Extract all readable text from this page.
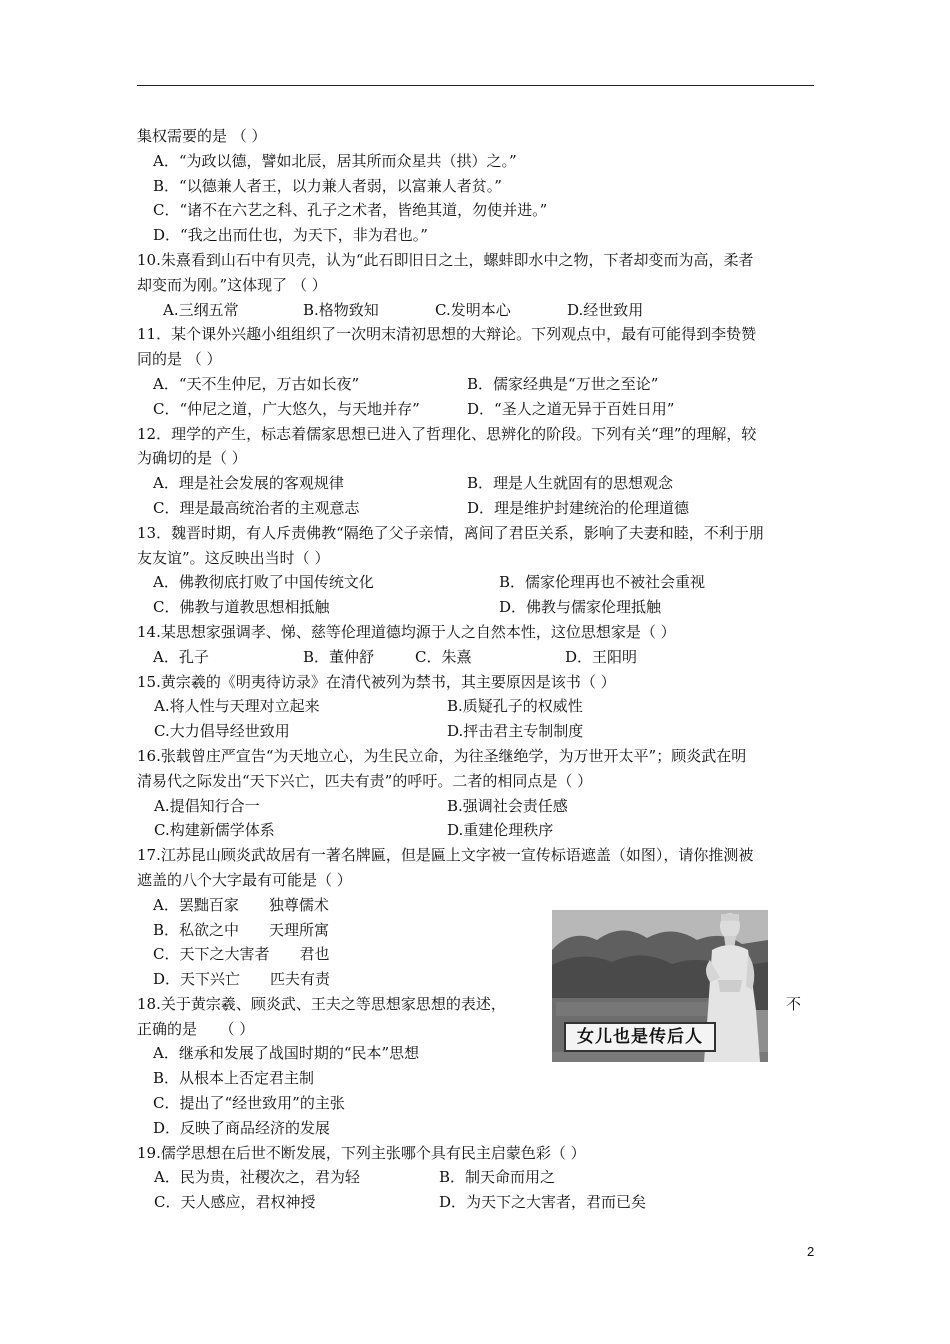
集权需要的是 （ ）
A．“为政以德，譬如北辰，居其所而众星共（拱）之。”
B．“以德兼人者王，以力兼人者弱，以富兼人者贫。”
C．“诸不在六艺之科、孔子之术者，皆绝其道，勿使并进。”
D．“我之出而仕也，为天下，非为君也。”
10.朱熹看到山石中有贝壳，认为“此石即旧日之土，螺蚌即水中之物，下者却变而为高，柔者
却变而为刚。”这体现了 （ ）
A.三纲五常	B.格物致知	C.发明本心	D.经世致用
11．某个课外兴趣小组组织了一次明末清初思想的大辩论。下列观点中，最有可能得到李贽赞
同的是 （ ）
A．“天不生仲尼，万古如长夜”	B．儒家经典是“万世之至论”
C．“仲尼之道，广大悠久，与天地并存”	D．“圣人之道无异于百姓日用”
12．理学的产生，标志着儒家思想已进入了哲理化、思辨化的阶段。下列有关“理”的理解，较
为确切的是（ ）
A．理是社会发展的客观规律	B．理是人生就固有的思想观念
C．理是最高统治者的主观意志	D．理是维护封建统治的伦理道德
13．魏晋时期，有人斥责佛教“隔绝了父子亲情，离间了君臣关系，影响了夫妻和睦，不利于朋
友友谊”。这反映出当时（ ）
A．佛教彻底打败了中国传统文化	B．儒家伦理再也不被社会重视
C．佛教与道教思想相抵触	D．佛教与儒家伦理抵触
14.某思想家强调孝、悌、慈等伦理道德均源于人之自然本性，这位思想家是（ ）
A．孔子	B．董仲舒	C．朱熹	D．王阳明
15.黄宗羲的《明夷待访录》在清代被列为禁书，其主要原因是该书（ ）
A.将人性与天理对立起来	B.质疑孔子的权威性
C.大力倡导经世致用	D.抨击君主专制制度
16.张载曾庄严宣告“为天地立心，为生民立命，为往圣继绝学，为万世开太平”；顾炎武在明
清易代之际发出“天下兴亡，匹夫有责”的呼吁。二者的相同点是（ ）
A.提倡知行合一	B.强调社会责任感
C.构建新儒学体系	D.重建伦理秩序
17.江苏昆山顾炎武故居有一著名牌匾，但是匾上文字被一宣传标语遮盖（如图），请你推测被
遮盖的八个大字最有可能是（ ）
A．罢黜百家　　独尊儒术
B．私欲之中　　天理所寓
C．天下之大害者　　君也
D．天下兴亡　　匹夫有责
18.关于黄宗羲、顾炎武、王夫之等思想家思想的表述，	不
正确的是　　（ ）
A．继承和发展了战国时期的“民本”思想
B．从根本上否定君主制
C．提出了“经世致用”的主张
D．反映了商品经济的发展
19.儒学思想在后世不断发展，下列主张哪个具有民主启蒙色彩（ ）
A．民为贵，社稷次之，君为轻	B．制天命而用之
C．天人感应，君权神授	D．为天下之大害者，君而已矣
女儿也是传后人
2
